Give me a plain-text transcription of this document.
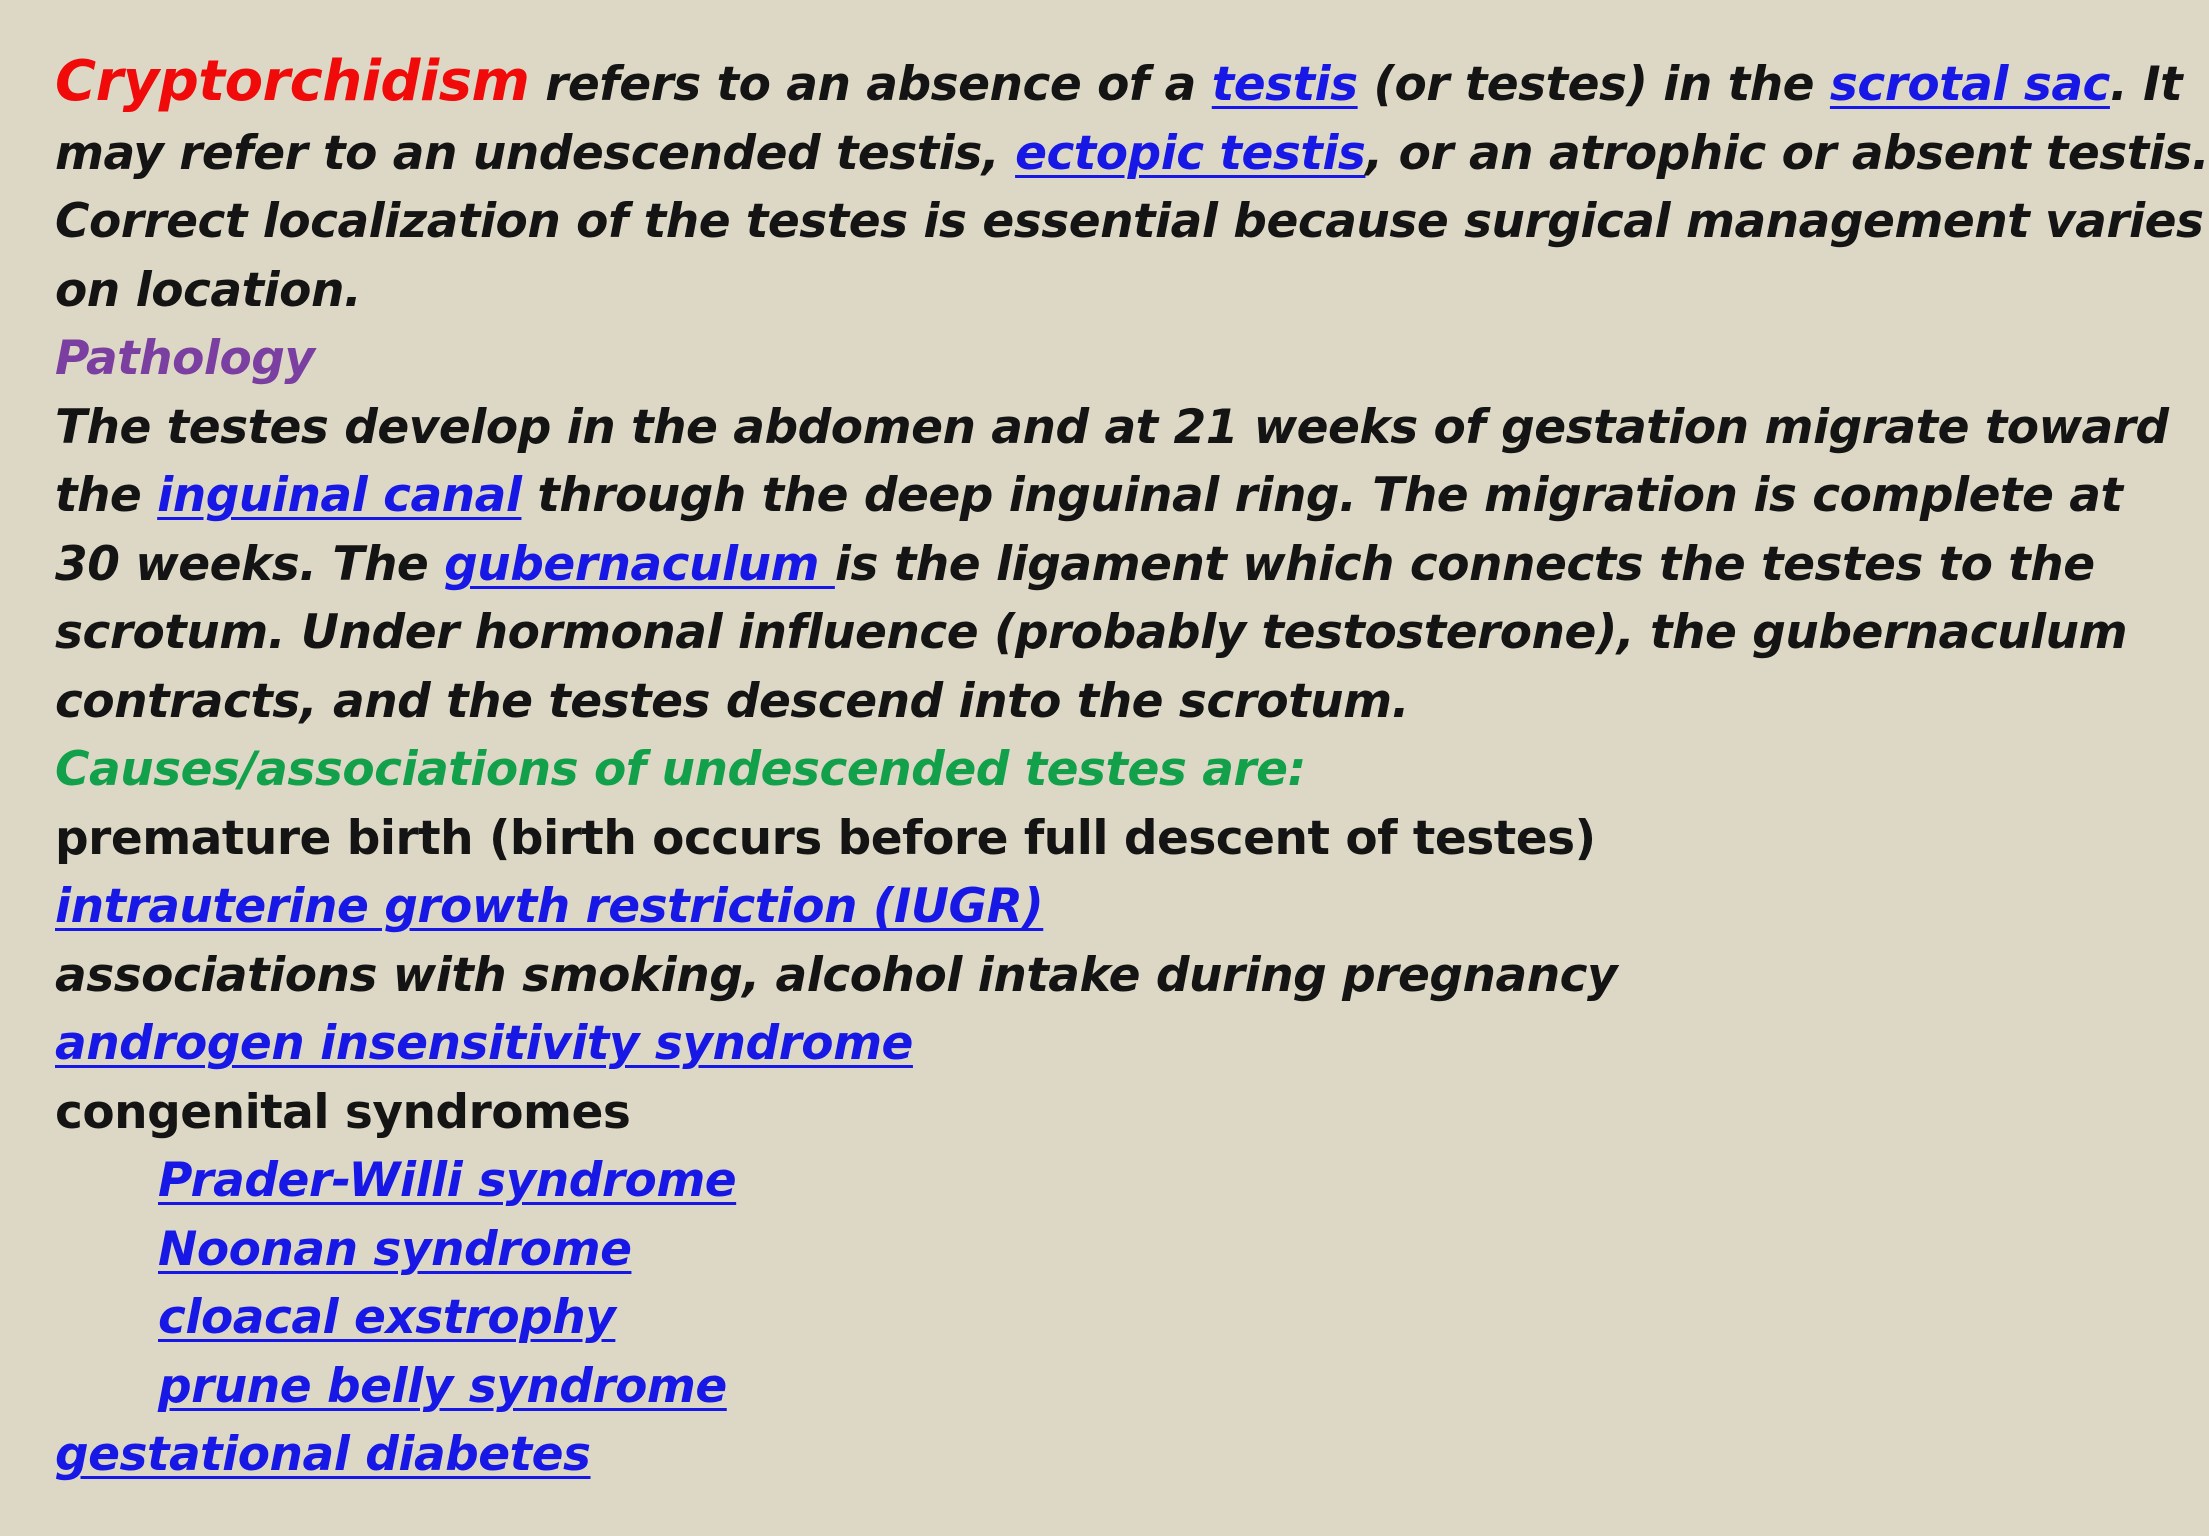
Cryptorchidism refers to an absence of a testis (or testes) in the scrotal sac. It
may refer to an undescended testis, ectopic testis, or an atrophic or absent testis.
Correct localization of the testes is essential because surgical management varies
on location.
Pathology
The testes develop in the abdomen and at 21 weeks of gestation migrate toward
the inguinal canal through the deep inguinal ring. The migration is complete at
30 weeks. The gubernaculum is the ligament which connects the testes to the
scrotum. Under hormonal influence (probably testosterone), the gubernaculum
contracts, and the testes descend into the scrotum.
Causes/associations of undescended testes are:
premature birth (birth occurs before full descent of testes)
intrauterine growth restriction (IUGR)
associations with smoking, alcohol intake during pregnancy
androgen insensitivity syndrome
congenital syndromes
Prader-Willi syndrome
Noonan syndrome
cloacal exstrophy
prune belly syndrome
gestational diabetes
